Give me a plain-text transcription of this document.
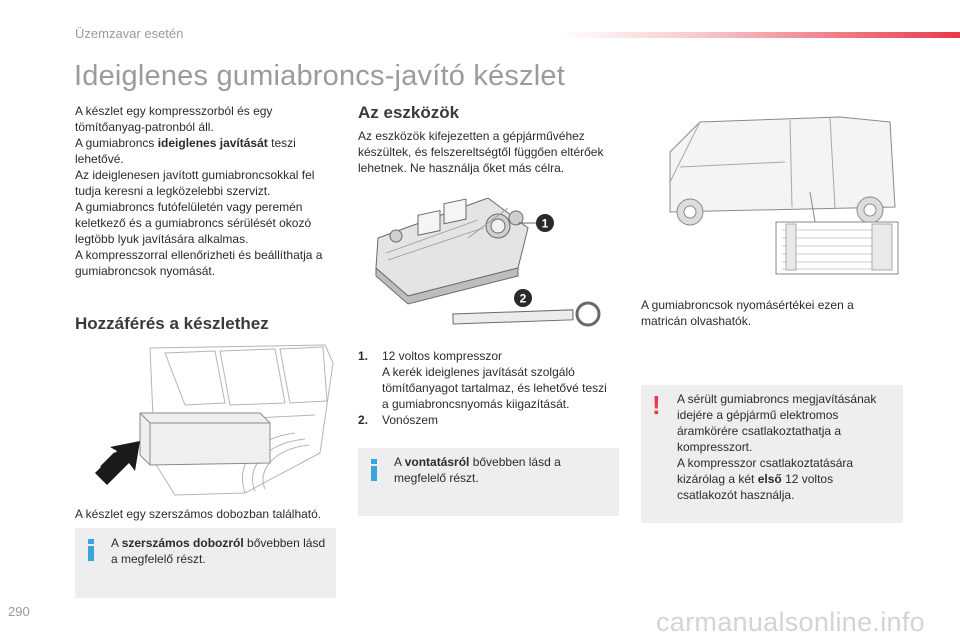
Üzemzavar esetén
Ideiglenes gumiabroncs-javító készlet

A készlet egy kompresszorból és egy tömítőanyag-patronból áll.

A gumiabroncs ideiglenes javítását teszi lehetővé.

Az ideiglenesen javított gumiabroncsokkal fel tudja keresni a legközelebbi szervizt.

A gumiabroncs futófelületén vagy peremén keletkező és a gumiabroncs sérülését okozó legtöbb lyuk javítására alkalmas.

A kompresszorral ellenőrizheti és beállíthatja a gumiabroncsok nyomását.

Hozzáférés a készlethez
A készlet egy szerszámos dobozban található.
A szerszámos dobozról bővebben lásd a megfelelő részt.
Az eszközök
Az eszközök kifejezetten a gépjárművéhez készültek, és felszereltségtől függően eltérőek lehetnek. Ne használja őket más célra.
1
2
1.	12 voltos kompresszor
A kerék ideiglenes javítását szolgáló tömítőanyagot tartalmaz, és lehetővé teszi a gumiabroncsnyomás kiigazítását.
2.	Vonószem
A vontatásról bővebben lásd a megfelelő részt.
A gumiabroncsok nyomásértékei ezen a matricán olvashatók.
! A sérült gumiabroncs megjavításának idejére a gépjármű elektromos áramkörére csatlakoztathatja a kompresszort.
A kompresszor csatlakoztatására kizárólag a két első 12 voltos csatlakozót használja.
290	carmanualsonline.info
